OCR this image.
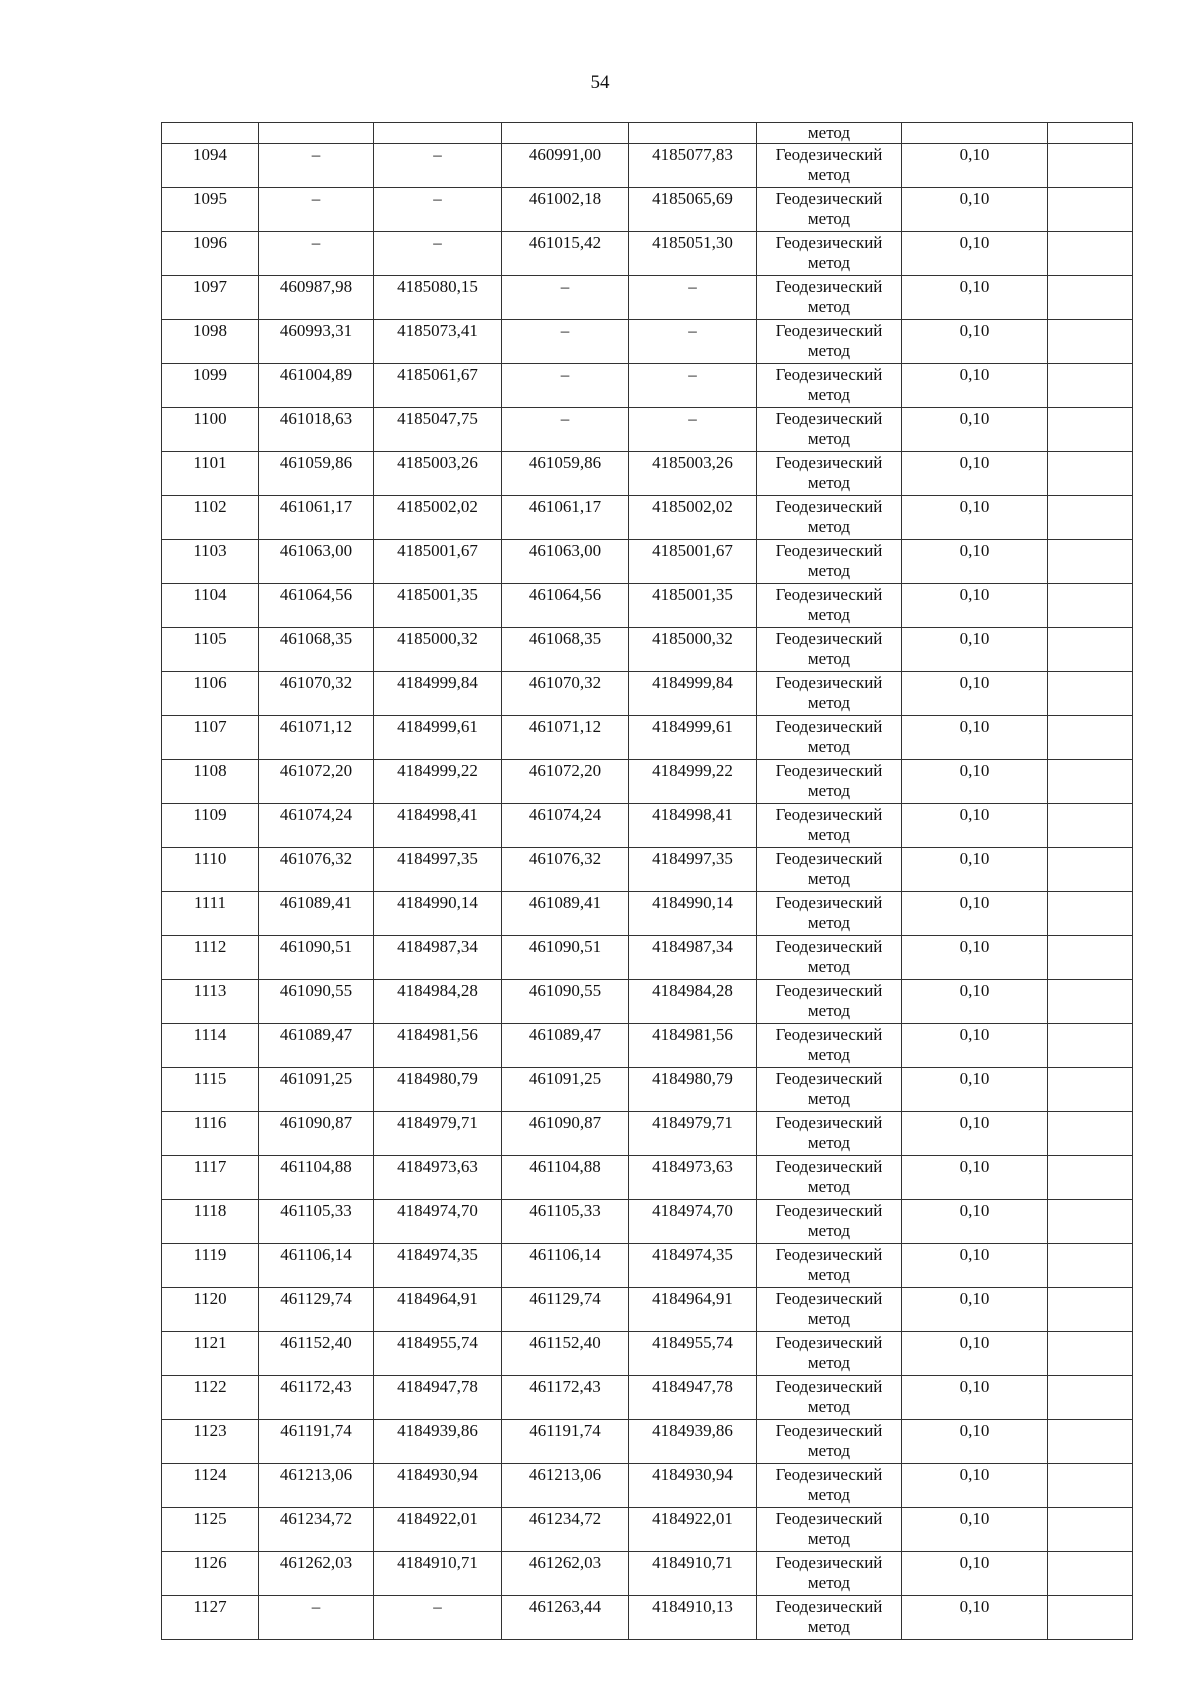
54
					метод		
1094	–	–	460991,00	4185077,83	Геодезический
метод	0,10	
1095	–	–	461002,18	4185065,69	Геодезический
метод	0,10	
1096	–	–	461015,42	4185051,30	Геодезический
метод	0,10	
1097	460987,98	4185080,15	–	–	Геодезический
метод	0,10	
1098	460993,31	4185073,41	–	–	Геодезический
метод	0,10	
1099	461004,89	4185061,67	–	–	Геодезический
метод	0,10	
1100	461018,63	4185047,75	–	–	Геодезический
метод	0,10	
1101	461059,86	4185003,26	461059,86	4185003,26	Геодезический
метод	0,10	
1102	461061,17	4185002,02	461061,17	4185002,02	Геодезический
метод	0,10	
1103	461063,00	4185001,67	461063,00	4185001,67	Геодезический
метод	0,10	
1104	461064,56	4185001,35	461064,56	4185001,35	Геодезический
метод	0,10	
1105	461068,35	4185000,32	461068,35	4185000,32	Геодезический
метод	0,10	
1106	461070,32	4184999,84	461070,32	4184999,84	Геодезический
метод	0,10	
1107	461071,12	4184999,61	461071,12	4184999,61	Геодезический
метод	0,10	
1108	461072,20	4184999,22	461072,20	4184999,22	Геодезический
метод	0,10	
1109	461074,24	4184998,41	461074,24	4184998,41	Геодезический
метод	0,10	
1110	461076,32	4184997,35	461076,32	4184997,35	Геодезический
метод	0,10	
1111	461089,41	4184990,14	461089,41	4184990,14	Геодезический
метод	0,10	
1112	461090,51	4184987,34	461090,51	4184987,34	Геодезический
метод	0,10	
1113	461090,55	4184984,28	461090,55	4184984,28	Геодезический
метод	0,10	
1114	461089,47	4184981,56	461089,47	4184981,56	Геодезический
метод	0,10	
1115	461091,25	4184980,79	461091,25	4184980,79	Геодезический
метод	0,10	
1116	461090,87	4184979,71	461090,87	4184979,71	Геодезический
метод	0,10	
1117	461104,88	4184973,63	461104,88	4184973,63	Геодезический
метод	0,10	
1118	461105,33	4184974,70	461105,33	4184974,70	Геодезический
метод	0,10	
1119	461106,14	4184974,35	461106,14	4184974,35	Геодезический
метод	0,10	
1120	461129,74	4184964,91	461129,74	4184964,91	Геодезический
метод	0,10	
1121	461152,40	4184955,74	461152,40	4184955,74	Геодезический
метод	0,10	
1122	461172,43	4184947,78	461172,43	4184947,78	Геодезический
метод	0,10	
1123	461191,74	4184939,86	461191,74	4184939,86	Геодезический
метод	0,10	
1124	461213,06	4184930,94	461213,06	4184930,94	Геодезический
метод	0,10	
1125	461234,72	4184922,01	461234,72	4184922,01	Геодезический
метод	0,10	
1126	461262,03	4184910,71	461262,03	4184910,71	Геодезический
метод	0,10	
1127	–	–	461263,44	4184910,13	Геодезический
метод	0,10	
